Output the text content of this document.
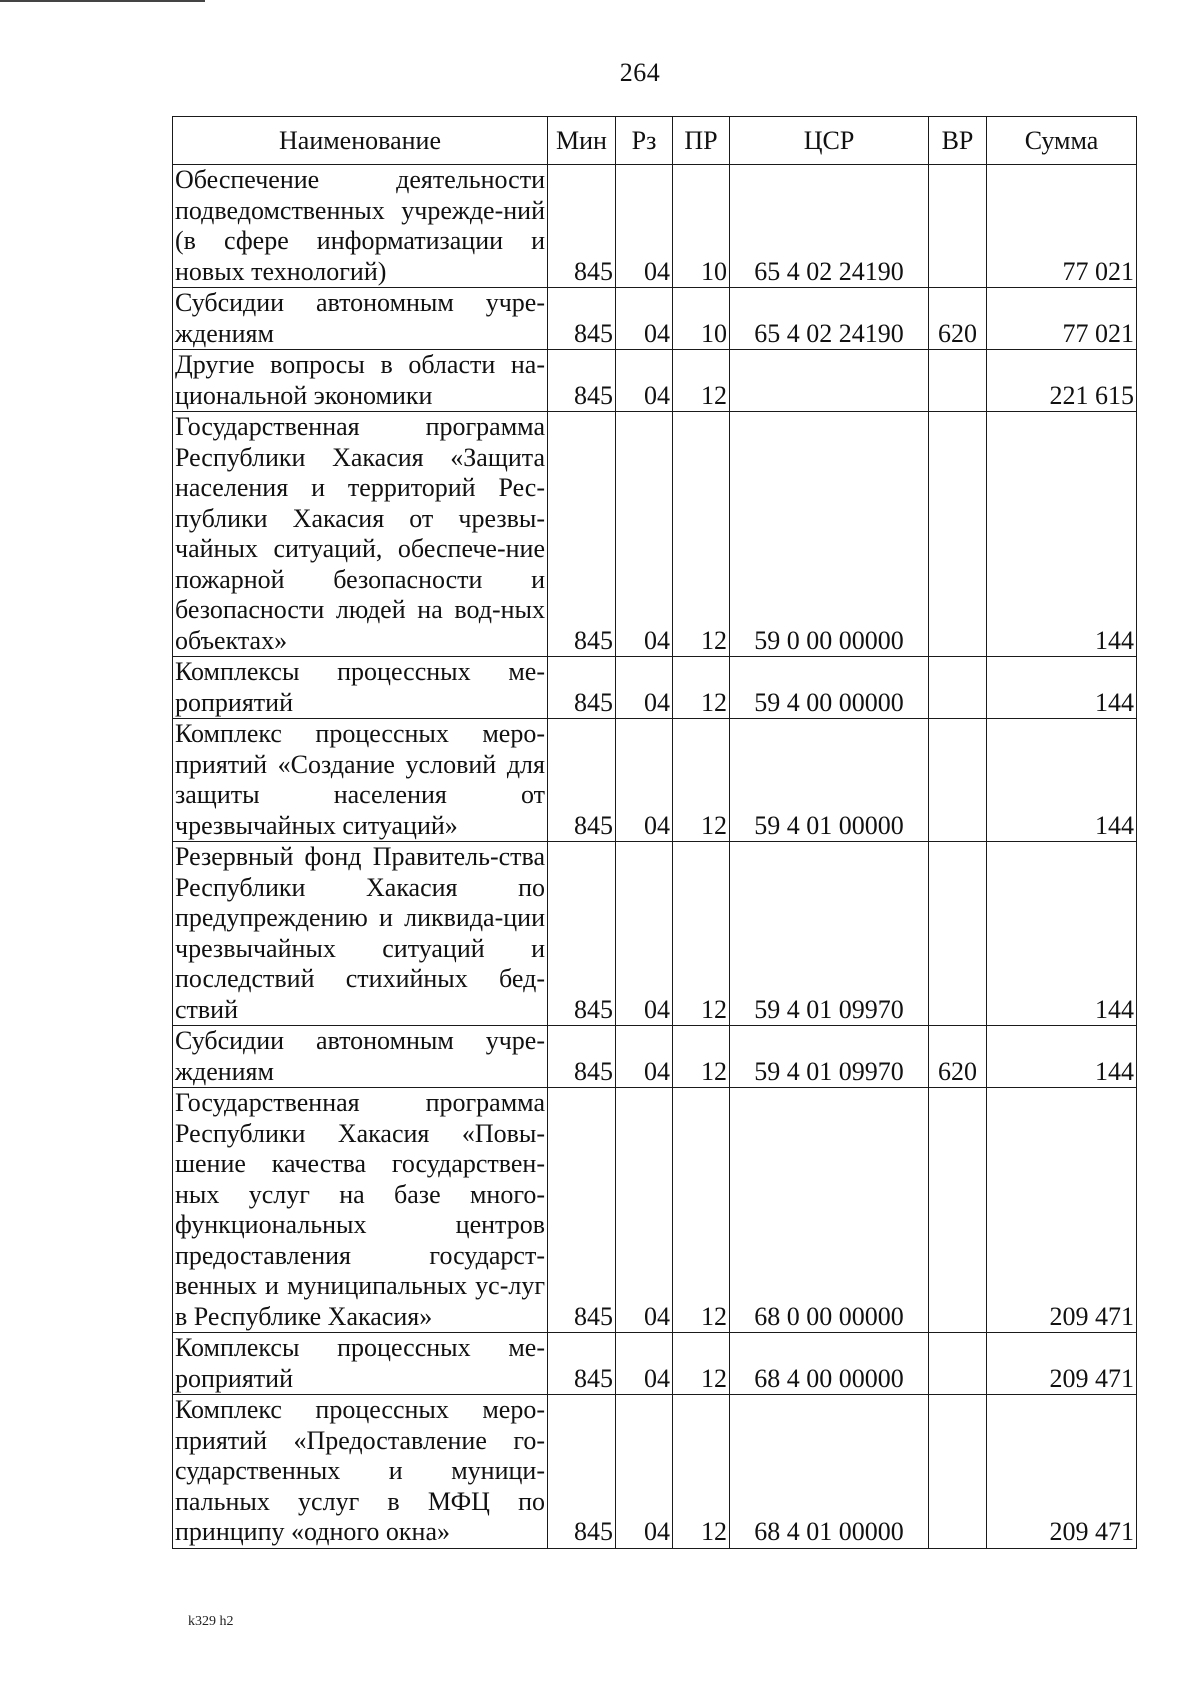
264
Наименование	Мин	Рз	ПР	ЦСР	ВР	Сумма
Обеспечение деятельности подведомственных учрежде-ний (в сфере информатизации и новых технологий)	845	04	10	65 4 02 24190		77 021
Субсидии автономным учре-ждениям	845	04	10	65 4 02 24190	620	77 021
Другие вопросы в области на-циональной экономики	845	04	12			221 615
Государственная программа Республики Хакасия «Защита населения и территорий Рес-публики Хакасия от чрезвы-чайных ситуаций, обеспече-ние пожарной безопасности и безопасности людей на вод-ных объектах»	845	04	12	59 0 00 00000		144
Комплексы процессных ме-роприятий	845	04	12	59 4 00 00000		144
Комплекс процессных меро-приятий «Создание условий для защиты населения от чрезвычайных ситуаций»	845	04	12	59 4 01 00000		144
Резервный фонд Правитель-ства Республики Хакасия по предупреждению и ликвида-ции чрезвычайных ситуаций и последствий стихийных бед-ствий	845	04	12	59 4 01 09970		144
Субсидии автономным учре-ждениям	845	04	12	59 4 01 09970	620	144
Государственная программа Республики Хакасия «Повы-шение качества государствен-ных услуг на базе много-функциональных центров предоставления государст-венных и муниципальных ус-луг в Республике Хакасия»	845	04	12	68 0 00 00000		209 471
Комплексы процессных ме-роприятий	845	04	12	68 4 00 00000		209 471
Комплекс процессных меро-приятий «Предоставление го-сударственных и муници-пальных услуг в МФЦ по принципу «одного окна»	845	04	12	68 4 01 00000		209 471
k329 h2
